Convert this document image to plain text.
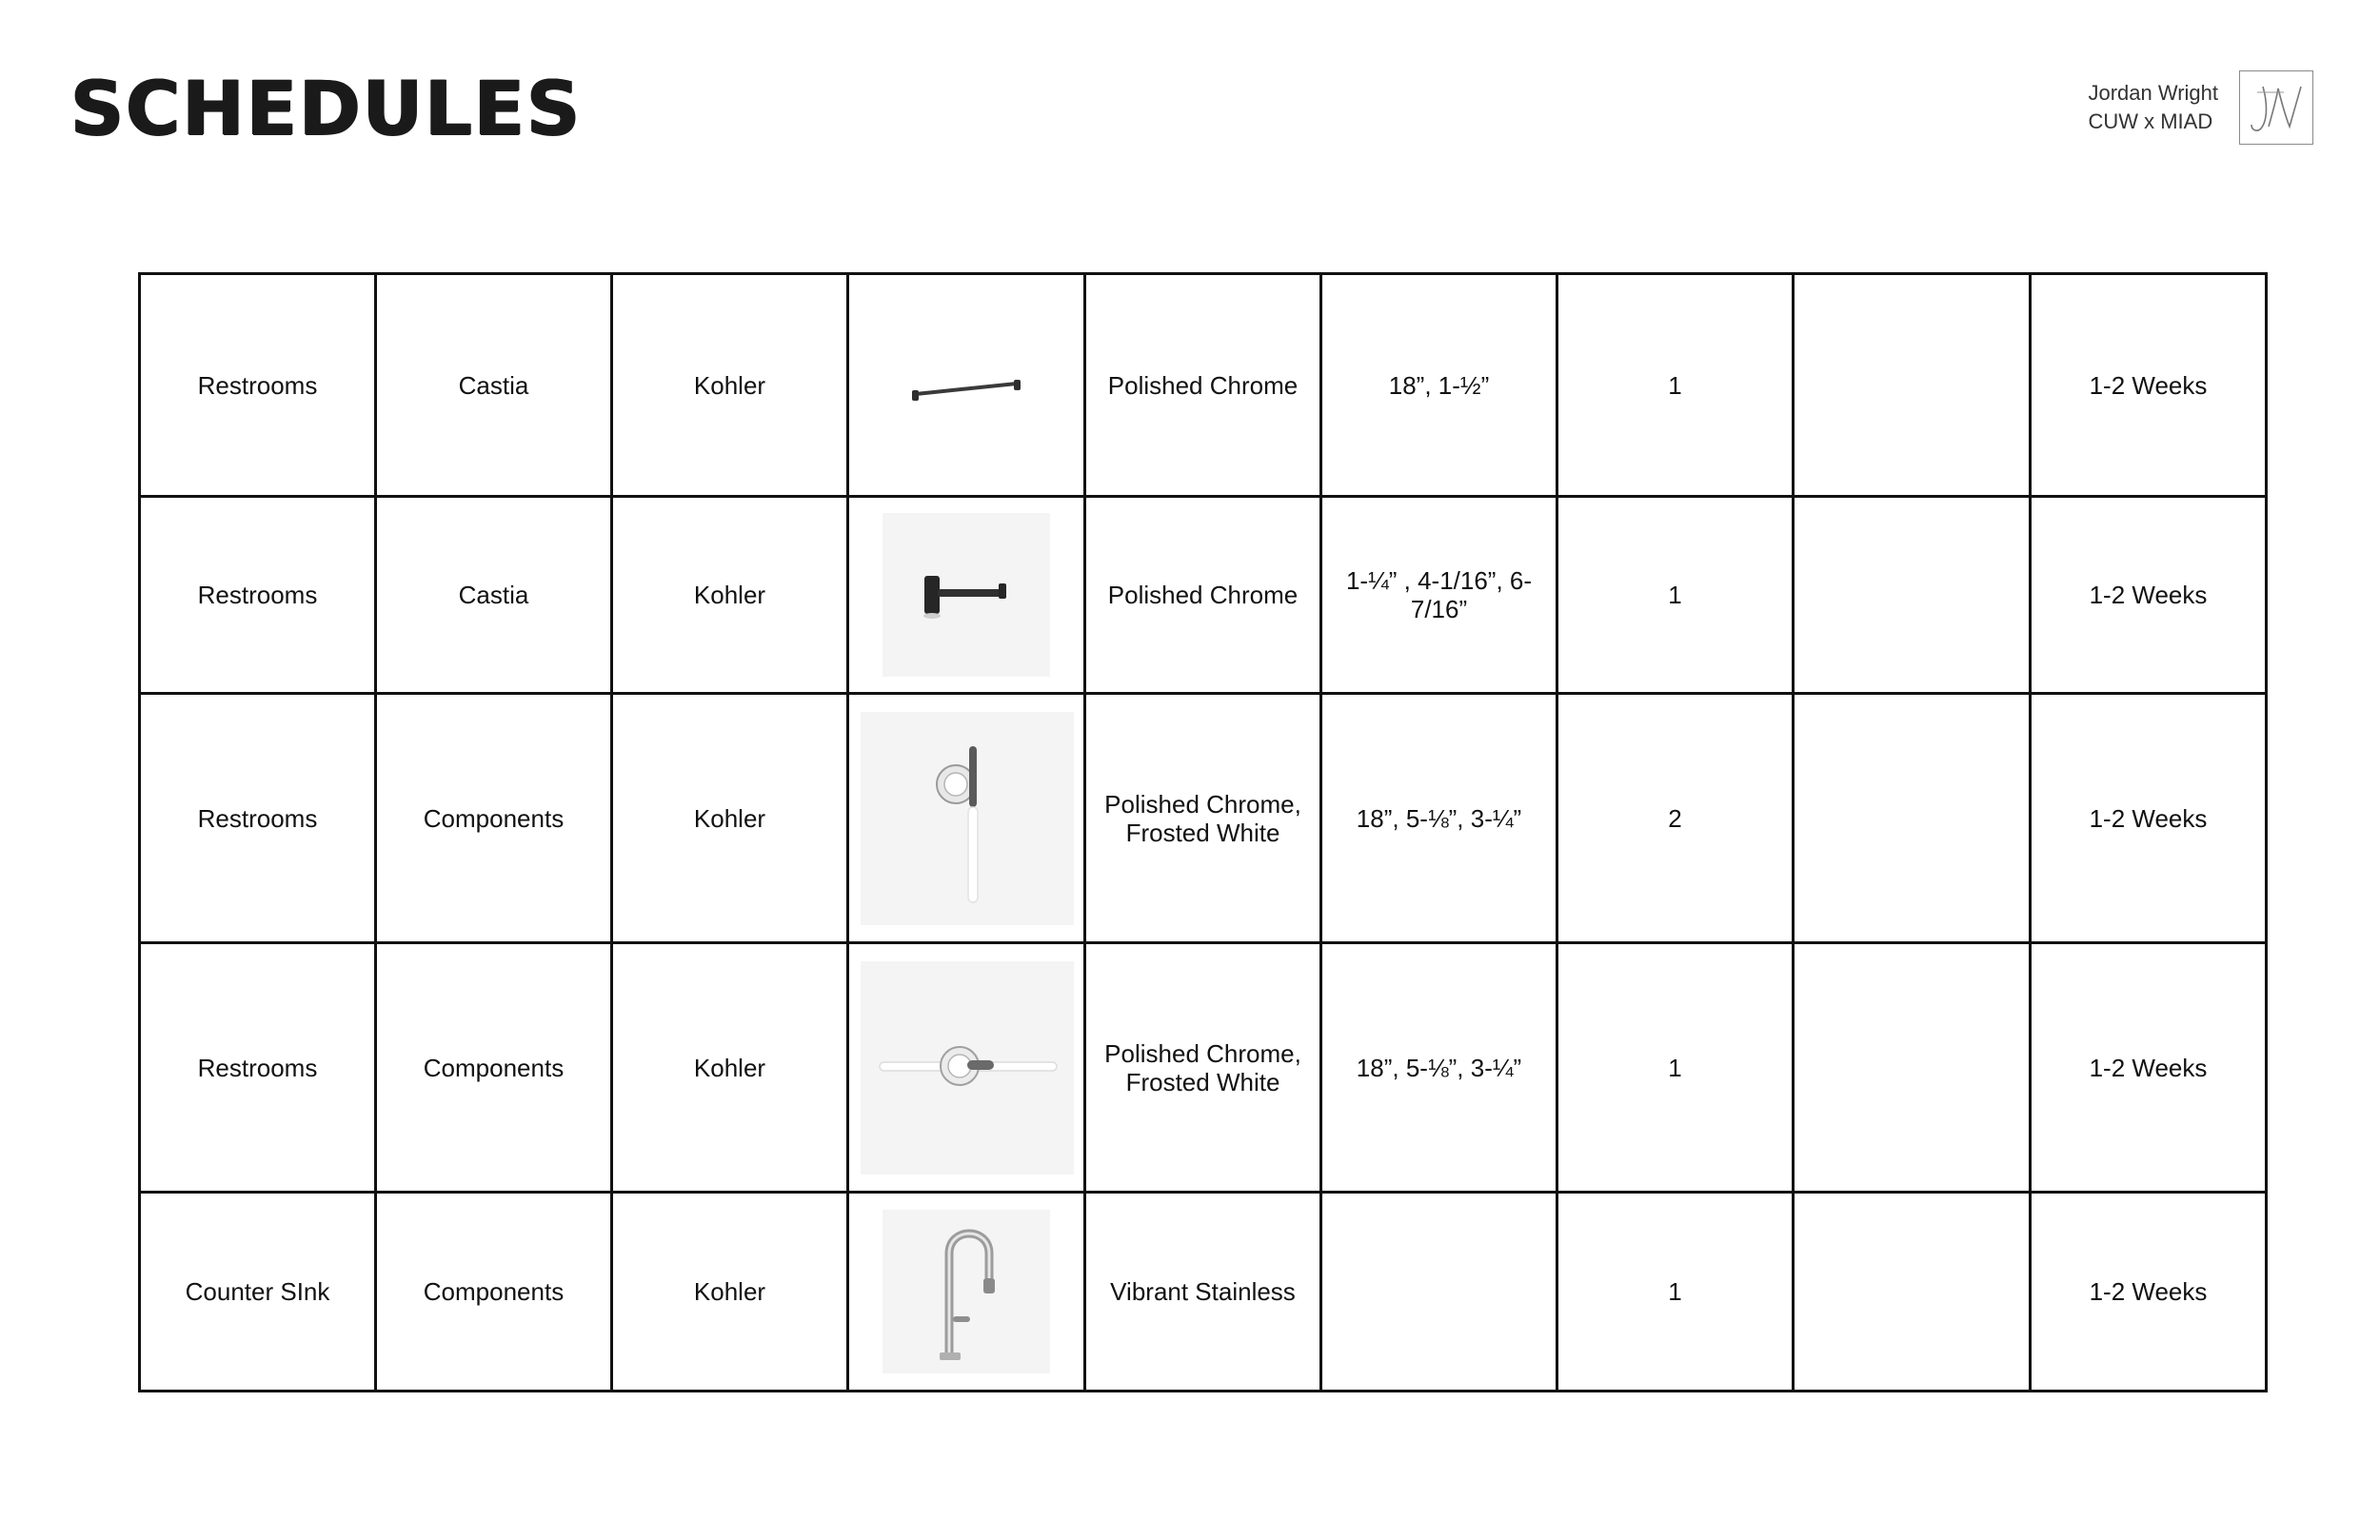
SCHEDULES	Jordan Wright
CUW x MIAD
Restrooms	Castia	Kohler		Polished Chrome	18”, 1-½”	1		1-2 Weeks
Restrooms	Castia	Kohler		Polished Chrome	1-¼” , 4-1/16”, 6-7/16”	1		1-2 Weeks
Restrooms	Components	Kohler		Polished Chrome, Frosted White	18”, 5-⅛”, 3-¼”	2		1-2 Weeks
Restrooms	Components	Kohler		Polished Chrome, Frosted White	18”, 5-⅛”, 3-¼”	1		1-2 Weeks
Counter SInk	Components	Kohler		Vibrant Stainless		1		1-2 Weeks
